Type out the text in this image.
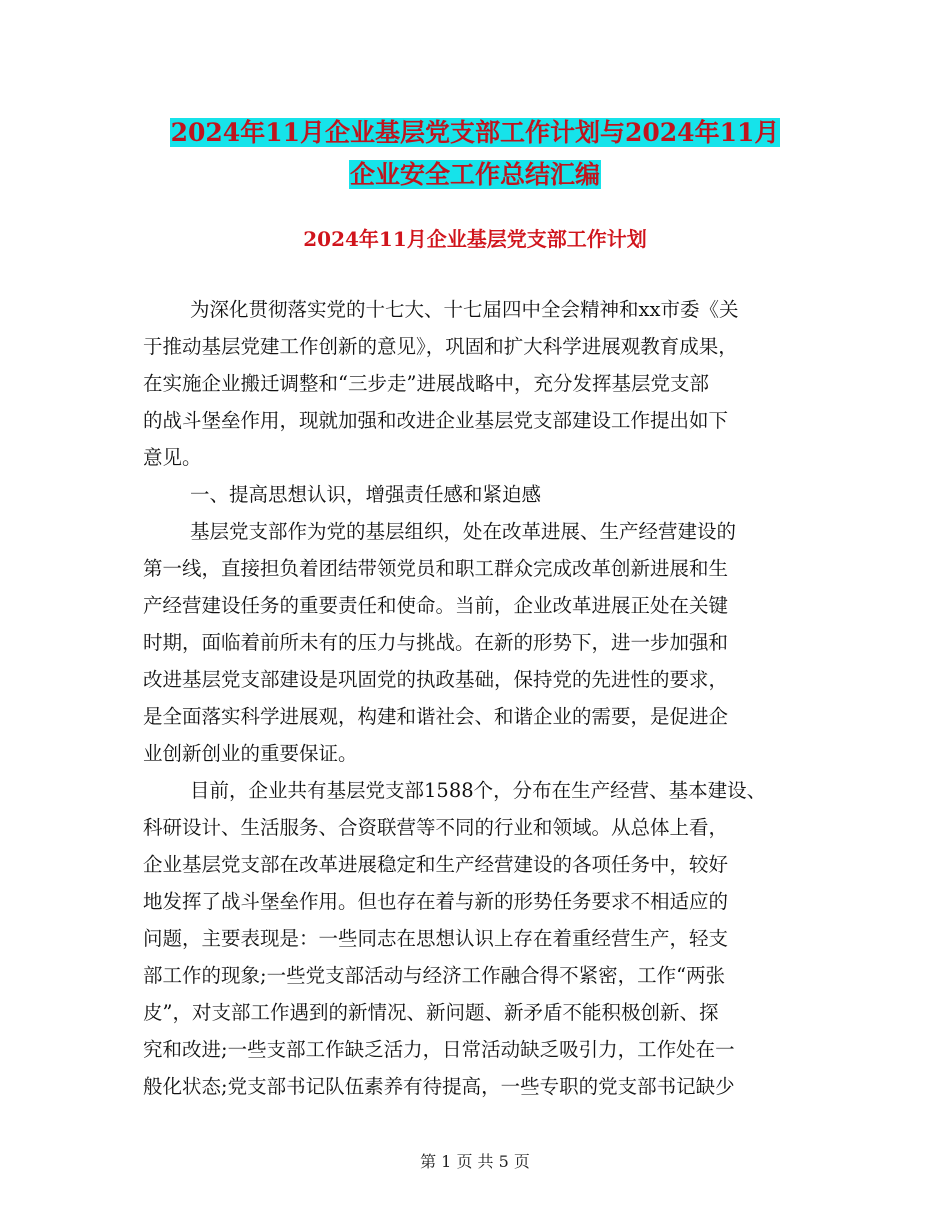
2024年11月企业基层党支部工作计划与2024年11月
企业安全工作总结汇编
2024年11月企业基层党支部工作计划

为深化贯彻落实党的十七大、十七届四中全会精神和xx市委《关

于推动基层党建工作创新的意见》，巩固和扩大科学进展观教育成果，

在实施企业搬迁调整和“三步走”进展战略中，充分发挥基层党支部

的战斗堡垒作用，现就加强和改进企业基层党支部建设工作提出如下

意见。

一、提高思想认识，增强责任感和紧迫感

基层党支部作为党的基层组织，处在改革进展、生产经营建设的

第一线，直接担负着团结带领党员和职工群众完成改革创新进展和生

产经营建设任务的重要责任和使命。当前，企业改革进展正处在关键

时期，面临着前所未有的压力与挑战。在新的形势下，进一步加强和

改进基层党支部建设是巩固党的执政基础，保持党的先进性的要求，

是全面落实科学进展观，构建和谐社会、和谐企业的需要，是促进企

业创新创业的重要保证。

目前，企业共有基层党支部1588个，分布在生产经营、基本建设、

科研设计、生活服务、合资联营等不同的行业和领域。从总体上看，

企业基层党支部在改革进展稳定和生产经营建设的各项任务中，较好

地发挥了战斗堡垒作用。但也存在着与新的形势任务要求不相适应的

问题，主要表现是：一些同志在思想认识上存在着重经营生产，轻支

部工作的现象;一些党支部活动与经济工作融合得不紧密，工作“两张

皮”，对支部工作遇到的新情况、新问题、新矛盾不能积极创新、探

究和改进;一些支部工作缺乏活力，日常活动缺乏吸引力，工作处在一

般化状态;党支部书记队伍素养有待提高，一些专职的党支部书记缺少

第 1 页 共 5 页
